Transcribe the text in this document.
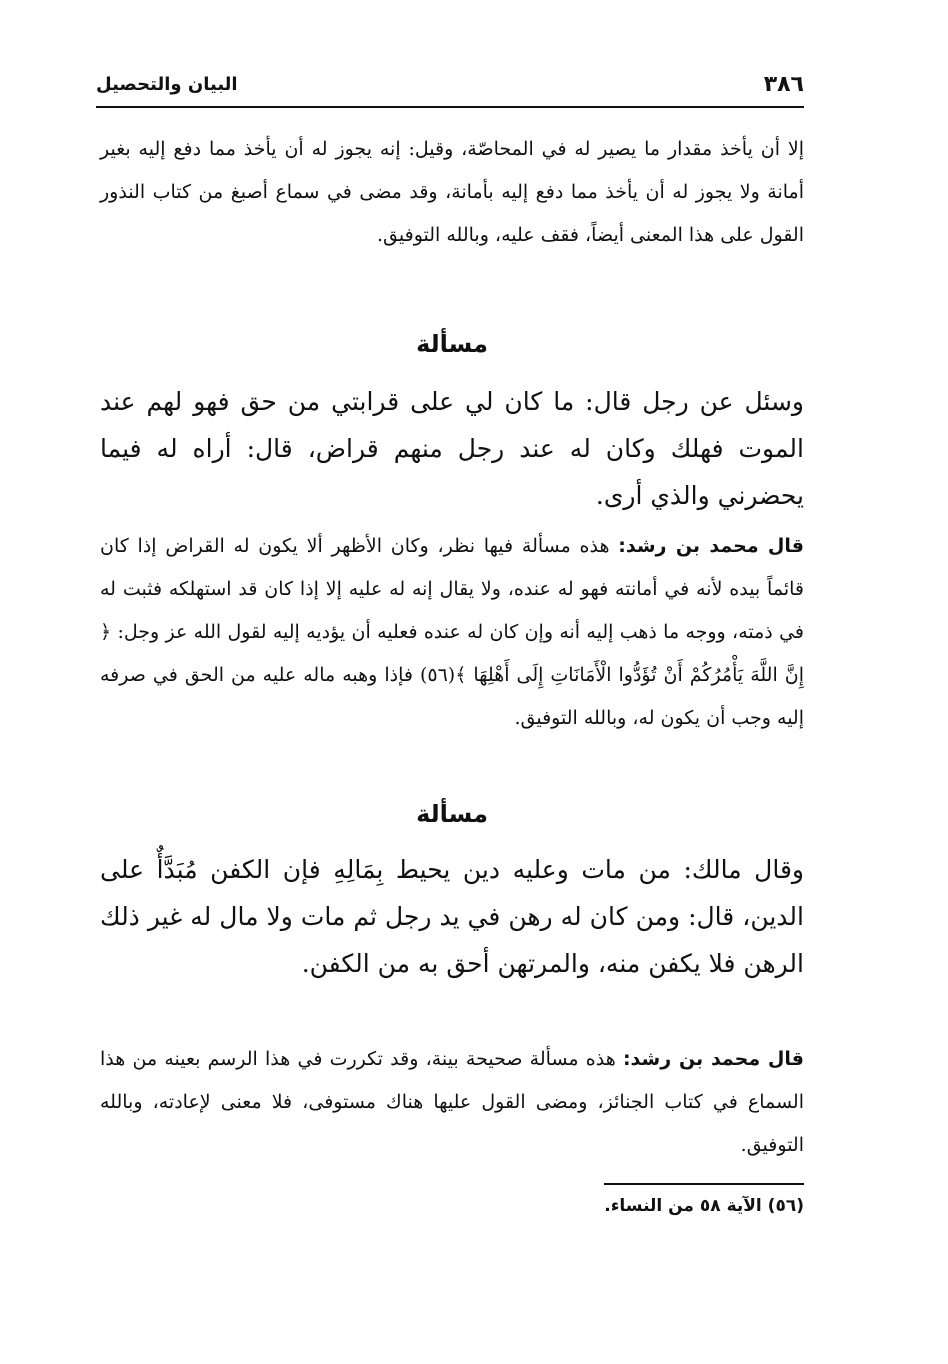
٣٨٦
البيان والتحصيل

إلا أن يأخذ مقدار ما يصير له في المحاصّة، وقيل: إنه يجوز له أن يأخذ مما دفع إليه بغير أمانة ولا يجوز له أن يأخذ مما دفع إليه بأمانة، وقد مضى في سماع أصبغ من كتاب النذور القول على هذا المعنى أيضاً، فقف عليه، وبالله التوفيق.

مسألة

وسئل عن رجل قال: ما كان لي على قرابتي من حق فهو لهم عند الموت فهلك وكان له عند رجل منهم قراض، قال: أراه له فيما يحضرني والذي أرى.

قال محمد بن رشد: هذه مسألة فيها نظر، وكان الأظهر ألا يكون له القراض إذا كان قائماً بيده لأنه في أمانته فهو له عنده، ولا يقال إنه له عليه إلا إذا كان قد استهلكه فثبت له في ذمته، ووجه ما ذهب إليه أنه وإن كان له عنده فعليه أن يؤديه إليه لقول الله عز وجل: ﴿ إِنَّ اللَّهَ يَأْمُرُكُمْ أَنْ تُؤَدُّوا الْأَمَانَاتِ إِلَى أَهْلِهَا ﴾(٥٦) فإذا وهبه ماله عليه من الحق في صرفه إليه وجب أن يكون له، وبالله التوفيق.

مسألة

وقال مالك: من مات وعليه دين يحيط بِمَالِهِ فإن الكفن مُبَدَّأٌ على الدين، قال: ومن كان له رهن في يد رجل ثم مات ولا مال له غير ذلك الرهن فلا يكفن منه، والمرتهن أحق به من الكفن.

قال محمد بن رشد: هذه مسألة صحيحة بينة، وقد تكررت في هذا الرسم بعينه من هذا السماع في كتاب الجنائز، ومضى القول عليها هناك مستوفى، فلا معنى لإعادته، وبالله التوفيق.

(٥٦) الآية ٥٨ من النساء.
